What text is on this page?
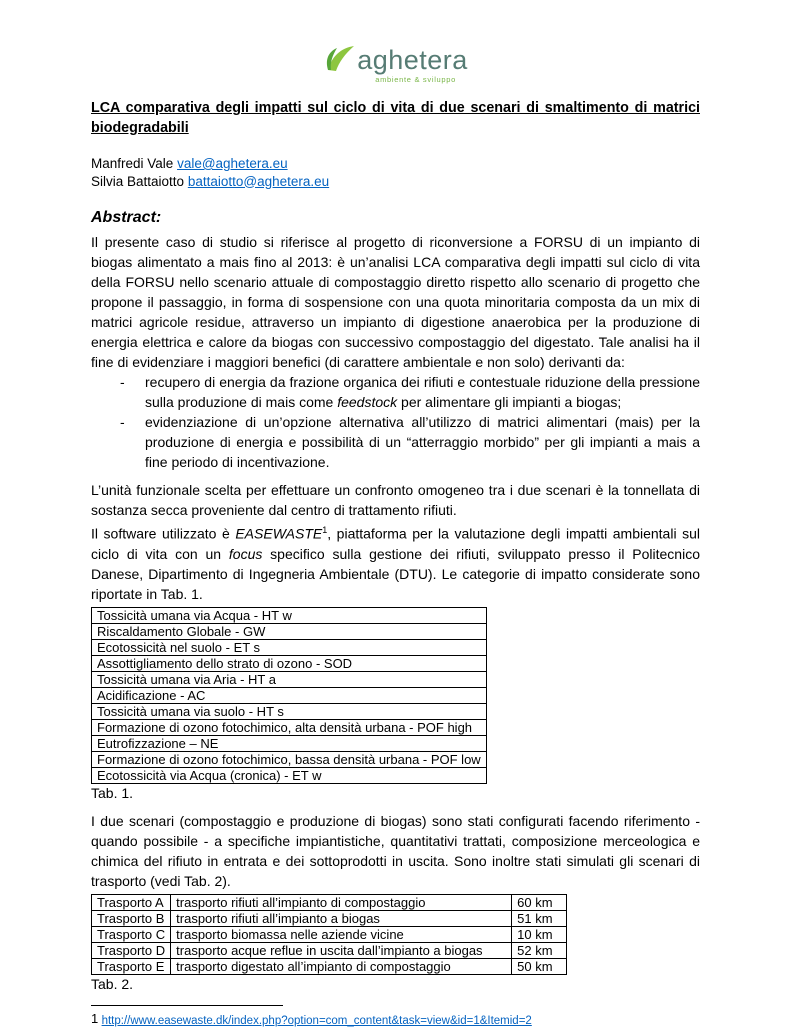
aghetera
ambiente & sviluppo
LCA comparativa degli impatti sul ciclo di vita di due scenari di smaltimento di matrici biodegradabili

Manfredi Vale vale@aghetera.eu

Silvia Battaiotto battaiotto@aghetera.eu

Abstract:

Il presente caso di studio si riferisce al progetto di riconversione a FORSU di un impianto di biogas alimentato a mais fino al 2013: è un’analisi LCA comparativa degli impatti sul ciclo di vita della FORSU nello scenario attuale di compostaggio diretto rispetto allo scenario di progetto che propone il passaggio, in forma di sospensione con una quota minoritaria composta da un mix di matrici agricole residue, attraverso un impianto di digestione anaerobica per la produzione di energia elettrica e calore da biogas con successivo compostaggio del digestato. Tale analisi ha il fine di evidenziare i maggiori benefici (di carattere ambientale e non solo) derivanti da:

-	recupero di energia da frazione organica dei rifiuti e contestuale riduzione della pressione sulla produzione di mais come feedstock per alimentare gli impianti a biogas;
-	evidenziazione di un’opzione alternativa all’utilizzo di matrici alimentari (mais) per la produzione di energia e possibilità di un “atterraggio morbido” per gli impianti a mais a fine periodo di incentivazione.

L’unità funzionale scelta per effettuare un confronto omogeneo tra i due scenari è la tonnellata di sostanza secca proveniente dal centro di trattamento rifiuti.

Il software utilizzato è EASEWASTE$^1$, piattaforma per la valutazione degli impatti ambientali sul ciclo di vita con un focus specifico sulla gestione dei rifiuti, sviluppato presso il Politecnico Danese, Dipartimento di Ingegneria Ambientale (DTU). Le categorie di impatto considerate sono riportate in Tab. 1.

Tossicità umana via Acqua - HT w
Riscaldamento Globale - GW
Ecotossicità nel suolo - ET s
Assottigliamento dello strato di ozono - SOD
Tossicità umana via Aria - HT a
Acidificazione - AC
Tossicità umana via suolo - HT s
Formazione di ozono fotochimico, alta densità urbana - POF high
Eutrofizzazione – NE
Formazione di ozono fotochimico, bassa densità urbana - POF low
Ecotossicità via Acqua (cronica) - ET w

Tab. 1.

I due scenari (compostaggio e produzione di biogas) sono stati configurati facendo riferimento - quando possibile - a specifiche impiantistiche, quantitativi trattati, composizione merceologica e chimica del rifiuto in entrata e dei sottoprodotti in uscita. Sono inoltre stati simulati gli scenari di trasporto (vedi Tab. 2).

Trasporto A	trasporto rifiuti all’impianto di compostaggio	60 km
Trasporto B	trasporto rifiuti all’impianto a biogas	51 km
Trasporto C	trasporto biomassa nelle aziende vicine	10 km
Trasporto D	trasporto acque reflue in uscita dall’impianto a biogas	52 km
Trasporto E	trasporto digestato all’impianto di compostaggio	50 km

Tab. 2.

1 http://www.easewaste.dk/index.php?option=com_content&task=view&id=1&Itemid=2
